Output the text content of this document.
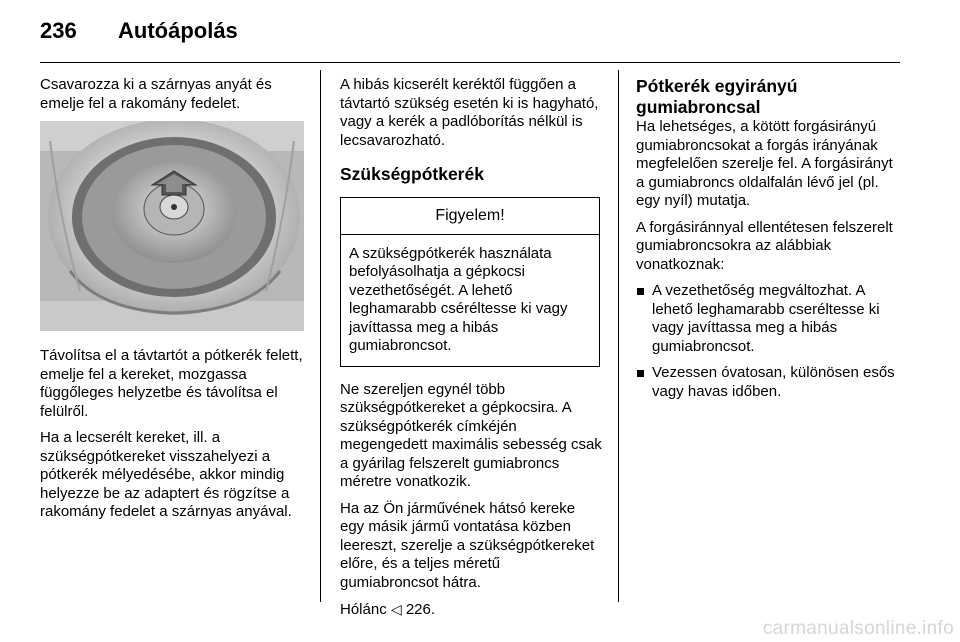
236 Autóápolás

Csavarozza ki a szárnyas anyát és emelje fel a rakomány fedelet.

Távolítsa el a távtartót a pótkerék felett, emelje fel a kereket, mozgassa függőleges helyzetbe és távolítsa el felülről.

Ha a lecserélt kereket, ill. a szükségpótkereket visszahelyezi a pótkerék mélyedésébe, akkor mindig helyezze be az adaptert és rögzítse a rakomány fedelet a szárnyas anyával.

A hibás kicserélt keréktől függően a távtartó szükség esetén ki is hagyható, vagy a kerék a padlóborítás nélkül is lecsavarozható.

Szükségpótkerék
Figyelem!
A szükségpótkerék használata befolyásolhatja a gépkocsi vezethetőségét. A lehető leghamarabb cséréltesse ki vagy javíttassa meg a hibás gumiabroncsot.

Ne szereljen egynél több szükségpótkereket a gépkocsira. A szükségpótkerék címkéjén megengedett maximális sebesség csak a gyárilag felszerelt gumiabroncs méretre vonatkozik.

Ha az Ön járművének hátsó kereke egy másik jármű vontatása közben leereszt, szerelje a szükségpótkereket előre, és a teljes méretű gumiabroncsot hátra.

Hólánc ◁ 226.

Pótkerék egyirányú gumiabroncsal

Ha lehetséges, a kötött forgásirányú gumiabroncsokat a forgás irányának megfelelően szerelje fel. A forgásirányt a gumiabroncs oldalfalán lévő jel (pl. egy nyíl) mutatja.

A forgásiránnyal ellentétesen felszerelt gumiabroncsokra az alábbiak vonatkoznak:

A vezethetőség megváltozhat. A lehető leghamarabb cseréltesse ki vagy javíttassa meg a hibás gumiabroncsot.
Vezessen óvatosan, különösen esős vagy havas időben.
carmanualsonline.info
